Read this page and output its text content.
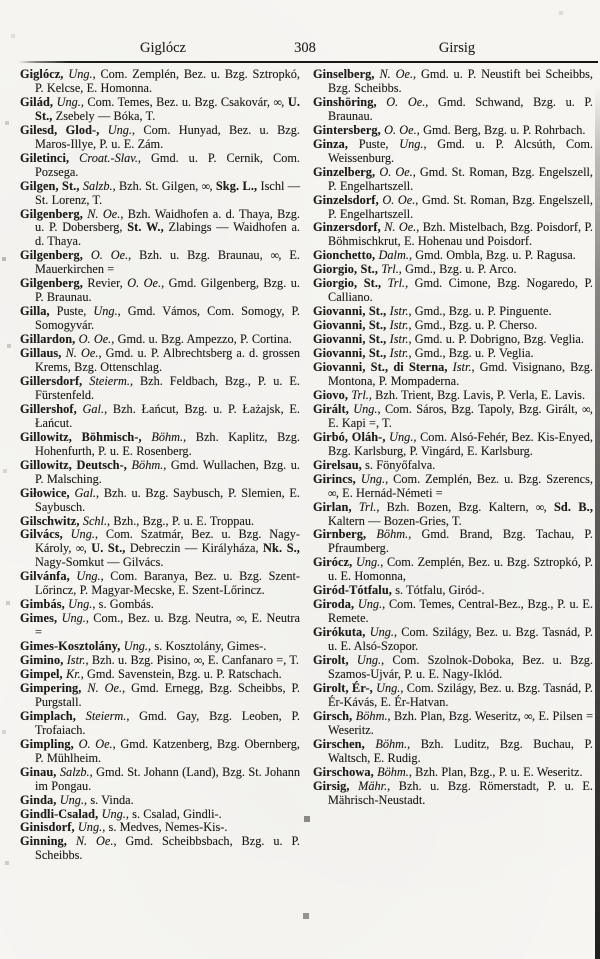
Giglócz	308	Girsig

Giglócz, Ung., Com. Zemplén, Bez. u. Bzg. Sztropkó, P. Kelcse, E. Homonna.

Gilád, Ung., Com. Temes, Bez. u. Bzg. Csakovár, ∞, U. St., Zsebely — Bóka, T.

Gilesd, Glod-, Ung., Com. Hunyad, Bez. u. Bzg. Maros-Illye, P. u. E. Zám.

Giletinci, Croat.-Slav., Gmd. u. P. Cernik, Com. Pozsega.

Gilgen, St., Salzb., Bzh. St. Gilgen, ∞, Skg. L., Ischl — St. Lorenz, T.

Gilgenberg, N. Oe., Bzh. Waidhofen a. d. Thaya, Bzg. u. P. Dobersberg, St. W., Zlabings — Waidhofen a. d. Thaya.

Gilgenberg, O. Oe., Bzh. u. Bzg. Braunau, ∞, E. Mauerkirchen =

Gilgenberg, Revier, O. Oe., Gmd. Gilgenberg, Bzg. u. P. Braunau.

Gilla, Puste, Ung., Gmd. Vámos, Com. Somogy, P. Somogyvár.

Gillardon, O. Oe., Gmd. u. Bzg. Ampezzo, P. Cortina.

Gillaus, N. Oe., Gmd. u. P. Albrechtsberg a. d. grossen Krems, Bzg. Ottenschlag.

Gillersdorf, Steierm., Bzh. Feldbach, Bzg., P. u. E. Fürstenfeld.

Gillershof, Gal., Bzh. Łańcut, Bzg. u. P. Łażajsk, E. Łańcut.

Gillowitz, Böhmisch-, Böhm., Bzh. Kaplitz, Bzg. Hohenfurth, P. u. E. Rosenberg.

Gillowitz, Deutsch-, Böhm., Gmd. Wullachen, Bzg. u. P. Malsching.

Giłowice, Gal., Bzh. u. Bzg. Saybusch, P. Slemien, E. Saybusch.

Gilschwitz, Schl., Bzh., Bzg., P. u. E. Troppau.

Gilvács, Ung., Com. Szatmár, Bez. u. Bzg. Nagy-Károly, ∞, U. St., Debreczin — Királyháza, Nk. S., Nagy-Somkut — Gilvács.

Gilvánfa, Ung., Com. Baranya, Bez. u. Bzg. Szent-Lőrincz, P. Magyar-Mecske, E. Szent-Lőrincz.

Gimbás, Ung., s. Gombás.

Gimes, Ung., Com., Bez. u. Bzg. Neutra, ∞, E. Neutra =

Gimes-Kosztolány, Ung., s. Kosztolány, Gimes-.

Gimino, Istr., Bzh. u. Bzg. Pisino, ∞, E. Canfanaro =, T.

Gimpel, Kr., Gmd. Savenstein, Bzg. u. P. Ratschach.

Gimpering, N. Oe., Gmd. Ernegg, Bzg. Scheibbs, P. Purgstall.

Gimplach, Steierm., Gmd. Gay, Bzg. Leoben, P. Trofaiach.

Gimpling, O. Oe., Gmd. Katzenberg, Bzg. Obernberg, P. Mühlheim.

Ginau, Salzb., Gmd. St. Johann (Land), Bzg. St. Johann im Pongau.

Ginda, Ung., s. Vinda.

Gindli-Csalad, Ung., s. Csalad, Gindli-.

Ginisdorf, Ung., s. Medves, Nemes-Kis-.

Ginning, N. Oe., Gmd. Scheibbsbach, Bzg. u. P. Scheibbs.

Ginselberg, N. Oe., Gmd. u. P. Neustift bei Scheibbs, Bzg. Scheibbs.

Ginshöring, O. Oe., Gmd. Schwand, Bzg. u. P. Braunau.

Gintersberg, O. Oe., Gmd. Berg, Bzg. u. P. Rohrbach.

Ginza, Puste, Ung., Gmd. u. P. Alcsúth, Com. Weissenburg.

Ginzelberg, O. Oe., Gmd. St. Roman, Bzg. Engelszell, P. Engelhartszell.

Ginzelsdorf, O. Oe., Gmd. St. Roman, Bzg. Engelszell, P. Engelhartszell.

Ginzersdorf, N. Oe., Bzh. Mistelbach, Bzg. Poisdorf, P. Böhmischkrut, E. Hohenau und Poisdorf.

Gionchetto, Dalm., Gmd. Ombla, Bzg. u. P. Ragusa.

Giorgio, St., Trl., Gmd., Bzg. u. P. Arco.

Giorgio, St., Trl., Gmd. Cimone, Bzg. Nogaredo, P. Calliano.

Giovanni, St., Istr., Gmd., Bzg. u. P. Pinguente.

Giovanni, St., Istr., Gmd., Bzg. u. P. Cherso.

Giovanni, St., Istr., Gmd. u. P. Dobrigno, Bzg. Veglia.

Giovanni, St., Istr., Gmd., Bzg. u. P. Veglia.

Giovanni, St., di Sterna, Istr., Gmd. Visignano, Bzg. Montona, P. Mompaderna.

Giovo, Trl., Bzh. Trient, Bzg. Lavis, P. Verla, E. Lavis.

Girált, Ung., Com. Sáros, Bzg. Tapoly, Bzg. Girált, ∞, E. Kapi =, T.

Girbó, Oláh-, Ung., Com. Alsó-Fehér, Bez. Kis-Enyed, Bzg. Karlsburg, P. Vingárd, E. Karlsburg.

Girelsau, s. Fönyőfalva.

Girincs, Ung., Com. Zemplén, Bez. u. Bzg. Szerencs, ∞, E. Hernád-Németi =

Girlan, Trl., Bzh. Bozen, Bzg. Kaltern, ∞, Sd. B., Kaltern — Bozen-Gries, T.

Girnberg, Böhm., Gmd. Brand, Bzg. Tachau, P. Pfraumberg.

Girócz, Ung., Com. Zemplén, Bez. u. Bzg. Sztropkó, P. u. E. Homonna,

Giród-Tótfalu, s. Tótfalu, Giród-.

Giroda, Ung., Com. Temes, Central-Bez., Bzg., P. u. E. Remete.

Girókuta, Ung., Com. Szilágy, Bez. u. Bzg. Tasnád, P. u. E. Alsó-Szopor.

Girolt, Ung., Com. Szolnok-Doboka, Bez. u. Bzg. Szamos-Ujvár, P. u. E. Nagy-Iklód.

Girolt, Ér-, Ung., Com. Szilágy, Bez. u. Bzg. Tasnád, P. Ér-Kávás, E. Ér-Hatvan.

Girsch, Böhm., Bzh. Plan, Bzg. Weseritz, ∞, E. Pilsen = Weseritz.

Girschen, Böhm., Bzh. Luditz, Bzg. Buchau, P. Waltsch, E. Rudig.

Girschowa, Böhm., Bzh. Plan, Bzg., P. u. E. Weseritz.

Girsig, Mähr., Bzh. u. Bzg. Römerstadt, P. u. E. Mährisch-Neustadt.
